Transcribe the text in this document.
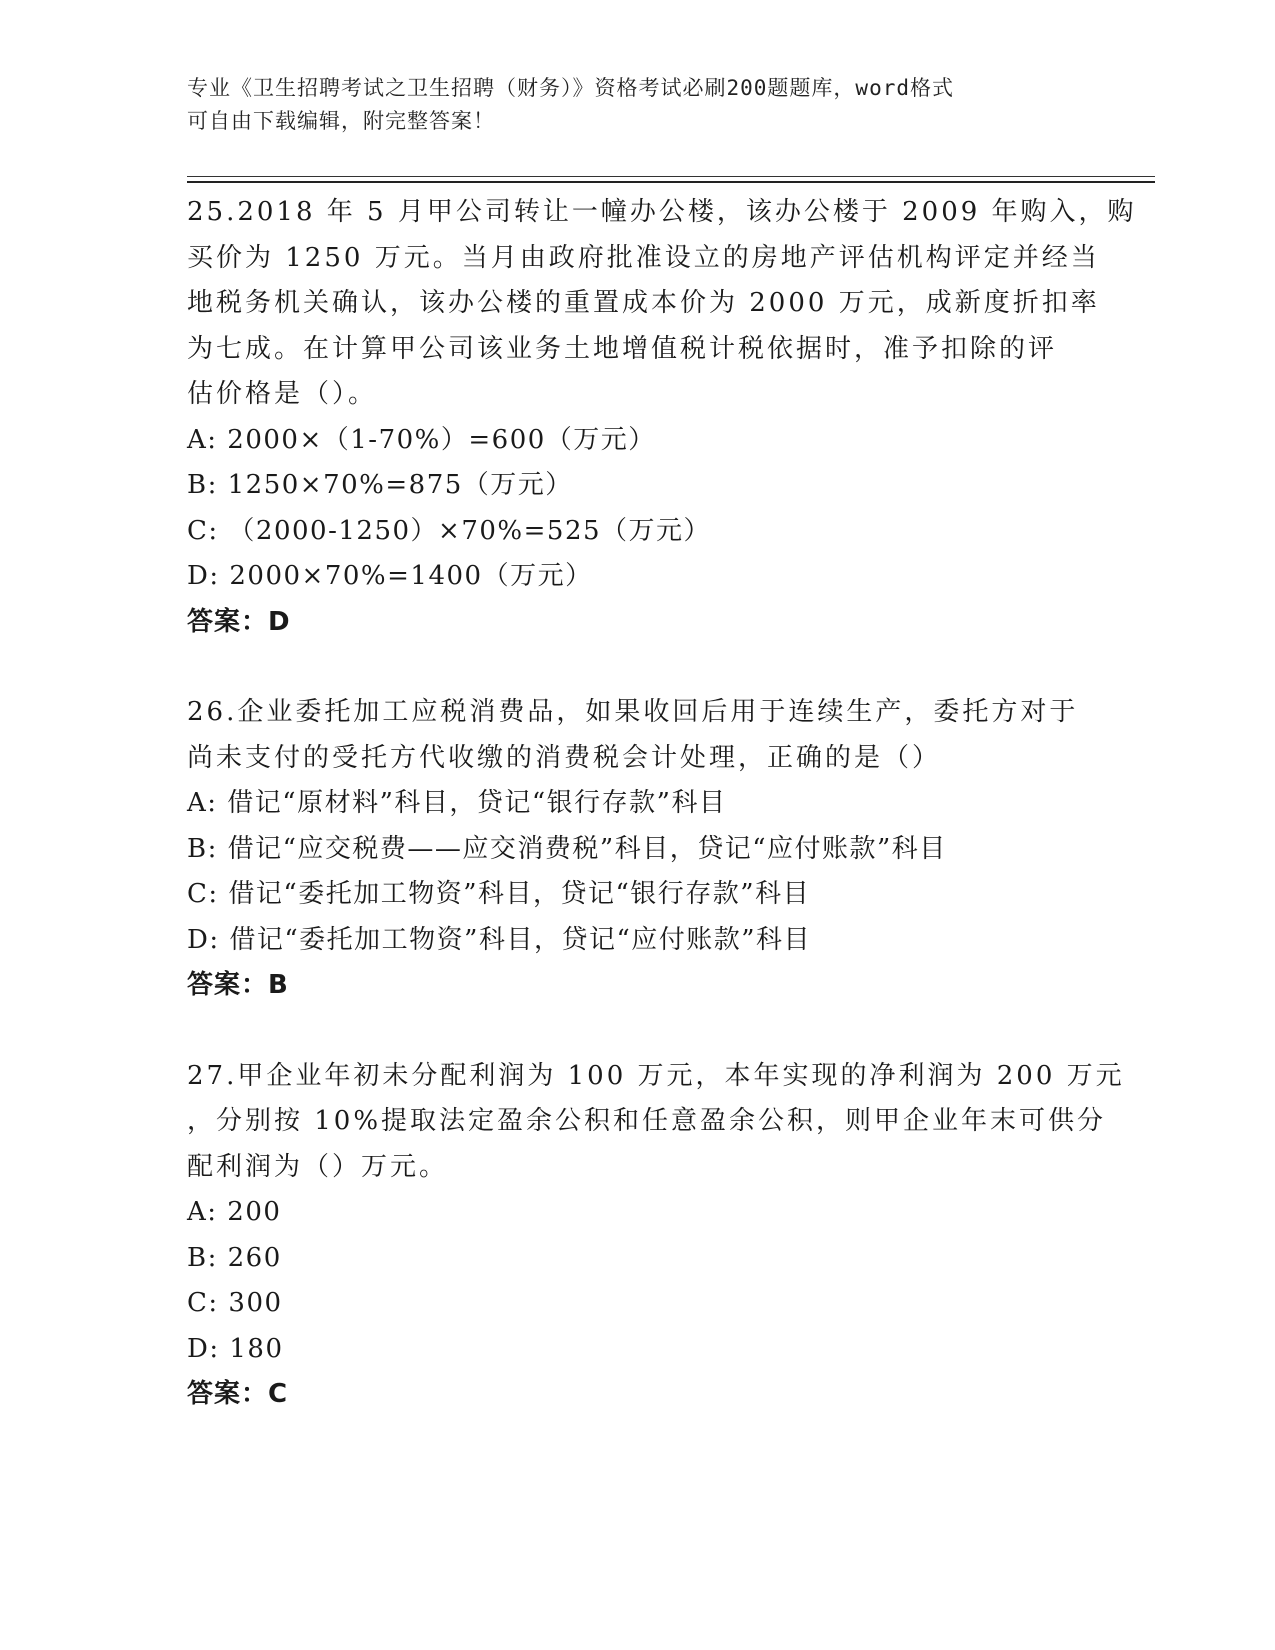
专业《卫生招聘考试之卫生招聘（财务）》资格考试必刷200题题库，word格式
可自由下载编辑，附完整答案！
25.2018 年 5 月甲公司转让一幢办公楼，该办公楼于 2009 年购入，购
买价为 1250 万元。当月由政府批准设立的房地产评估机构评定并经当
地税务机关确认，该办公楼的重置成本价为 2000 万元，成新度折扣率
为七成。在计算甲公司该业务土地增值税计税依据时，准予扣除的评
估价格是（）。
A: 2000×（1-70%）=600（万元）
B: 1250×70%=875（万元）
C: （2000-1250）×70%=525（万元）
D: 2000×70%=1400（万元）
答案：D
26.企业委托加工应税消费品，如果收回后用于连续生产，委托方对于
尚未支付的受托方代收缴的消费税会计处理，正确的是（）
A: 借记“原材料”科目，贷记“银行存款”科目
B: 借记“应交税费——应交消费税”科目，贷记“应付账款”科目
C: 借记“委托加工物资”科目，贷记“银行存款”科目
D: 借记“委托加工物资”科目，贷记“应付账款”科目
答案：B
27.甲企业年初未分配利润为 100 万元，本年实现的净利润为 200 万元
，分别按 10%提取法定盈余公积和任意盈余公积，则甲企业年末可供分
配利润为（）万元。
A: 200
B: 260
C: 300
D: 180
答案：C
